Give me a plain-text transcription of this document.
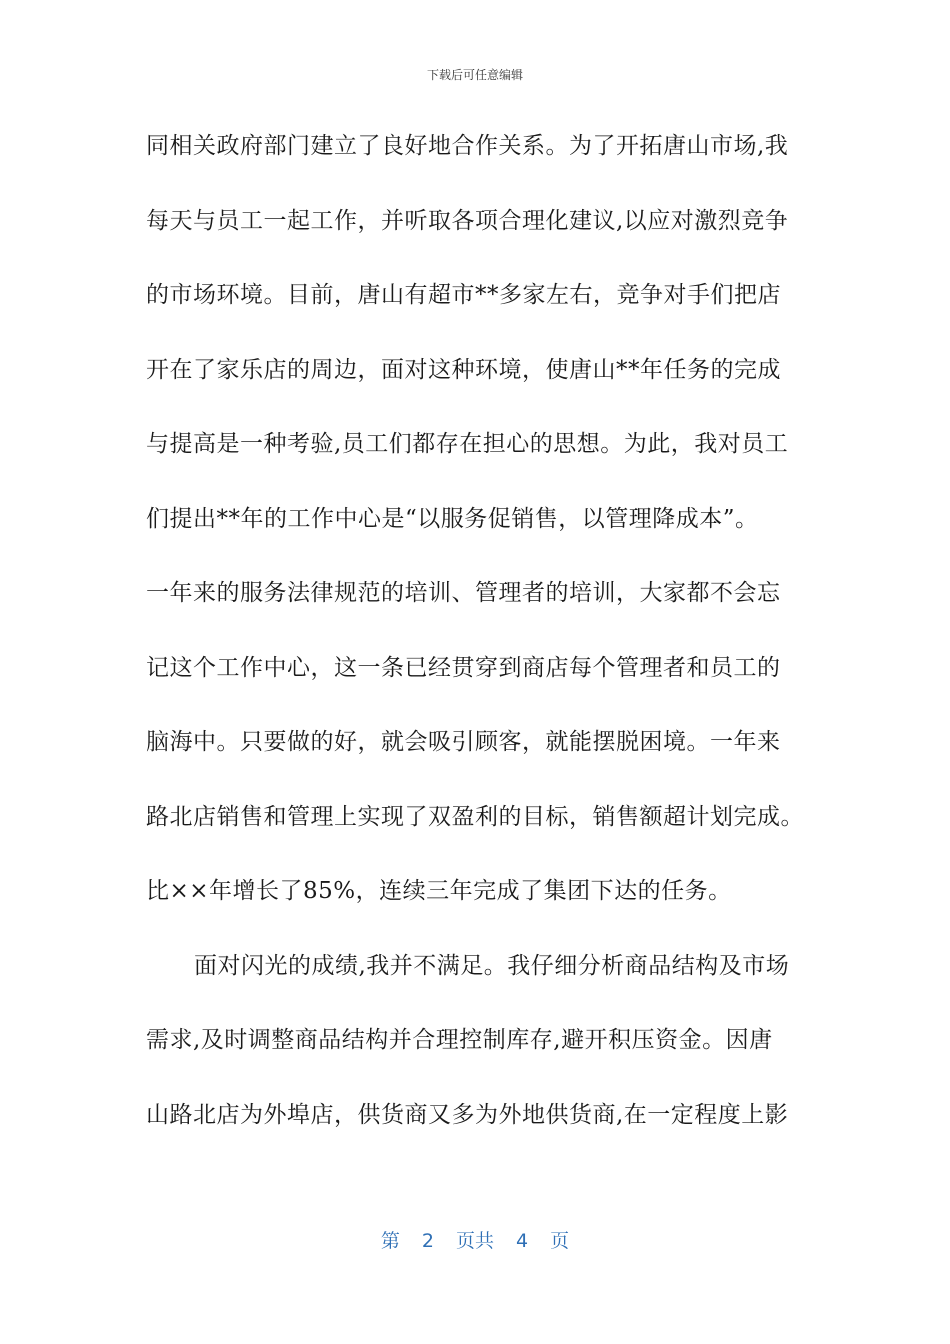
下载后可任意编辑
同相关政府部门建立了良好地合作关系。为了开拓唐山市场,我
每天与员工一起工作，并听取各项合理化建议,以应对激烈竞争
的市场环境。目前，唐山有超市**多家左右，竞争对手们把店
开在了家乐店的周边，面对这种环境，使唐山**年任务的完成
与提高是一种考验,员工们都存在担心的思想。为此，我对员工
们提出**年的工作中心是“以服务促销售，以管理降成本”。
一年来的服务法律规范的培训、管理者的培训，大家都不会忘
记这个工作中心，这一条已经贯穿到商店每个管理者和员工的
脑海中。只要做的好，就会吸引顾客，就能摆脱困境。一年来
路北店销售和管理上实现了双盈利的目标，销售额超计划完成。
比××年增长了85%，连续三年完成了集团下达的任务。
面对闪光的成绩,我并不满足。我仔细分析商品结构及市场
需求,及时调整商品结构并合理控制库存,避开积压资金。因唐
山路北店为外埠店，供货商又多为外地供货商,在一定程度上影
第 2 页共 4 页
